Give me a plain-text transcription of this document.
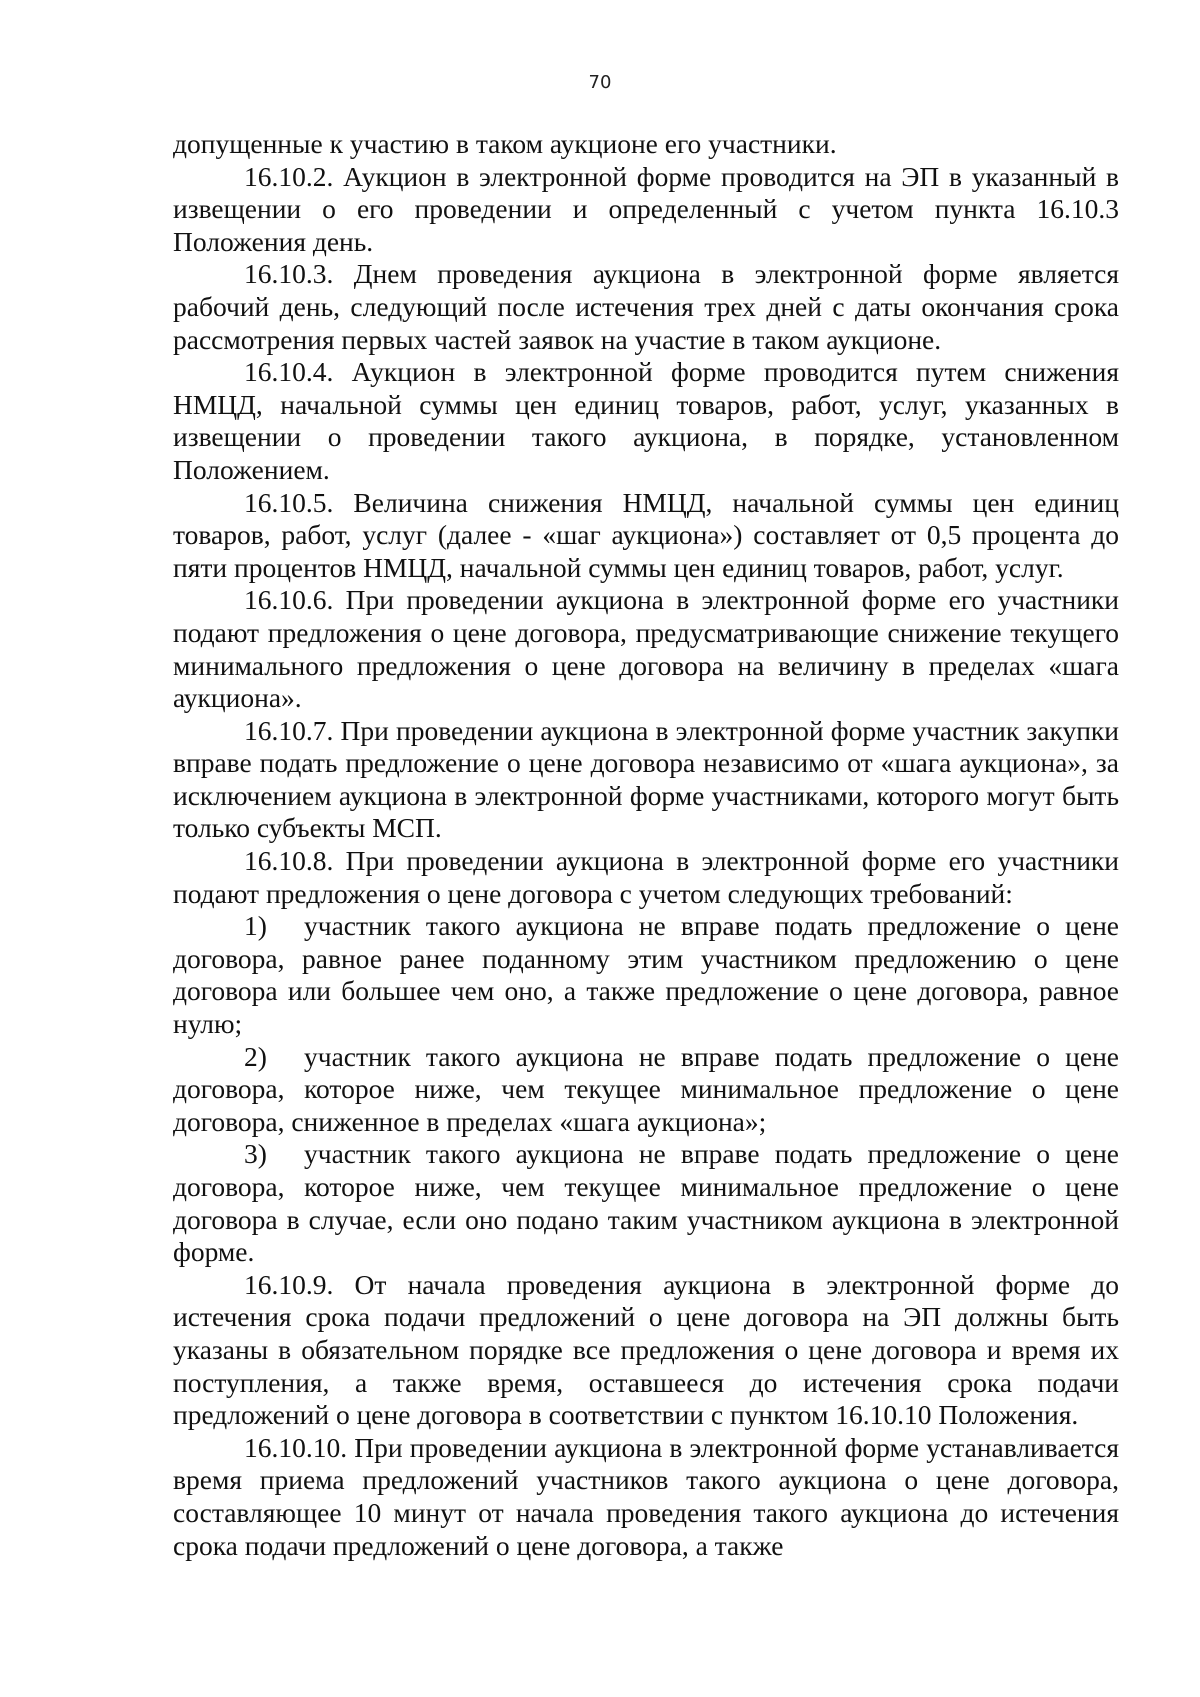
70

допущенные к участию в таком аукционе его участники.

16.10.2. Аукцион в электронной форме проводится на ЭП в указанный в извещении о его проведении и определенный с учетом пункта 16.10.3 Положения день.

16.10.3. Днем проведения аукциона в электронной форме является рабочий день, следующий после истечения трех дней с даты окончания срока рассмотрения первых частей заявок на участие в таком аукционе.

16.10.4. Аукцион в электронной форме проводится путем снижения НМЦД, начальной суммы цен единиц товаров, работ, услуг, указанных в извещении о проведении такого аукциона, в порядке, установленном Положением.

16.10.5. Величина снижения НМЦД, начальной суммы цен единиц товаров, работ, услуг (далее - «шаг аукциона») составляет от 0,5 процента до пяти процентов НМЦД, начальной суммы цен единиц товаров, работ, услуг.

16.10.6. При проведении аукциона в электронной форме его участники подают предложения о цене договора, предусматривающие снижение текущего минимального предложения о цене договора на величину в пределах «шага аукциона».

16.10.7. При проведении аукциона в электронной форме участник закупки вправе подать предложение о цене договора независимо от «шага аукциона», за исключением аукциона в электронной форме участниками, которого могут быть только субъекты МСП.

16.10.8. При проведении аукциона в электронной форме его участники подают предложения о цене договора с учетом следующих требований:

1) участник такого аукциона не вправе подать предложение о цене договора, равное ранее поданному этим участником предложению о цене договора или большее чем оно, а также предложение о цене договора, равное нулю;

2) участник такого аукциона не вправе подать предложение о цене договора, которое ниже, чем текущее минимальное предложение о цене договора, сниженное в пределах «шага аукциона»;

3) участник такого аукциона не вправе подать предложение о цене договора, которое ниже, чем текущее минимальное предложение о цене договора в случае, если оно подано таким участником аукциона в электронной форме.

16.10.9. От начала проведения аукциона в электронной форме до истечения срока подачи предложений о цене договора на ЭП должны быть указаны в обязательном порядке все предложения о цене договора и время их поступления, а также время, оставшееся до истечения срока подачи предложений о цене договора в соответствии с пунктом 16.10.10 Положения.

16.10.10. При проведении аукциона в электронной форме устанавливается время приема предложений участников такого аукциона о цене договора, составляющее 10 минут от начала проведения такого аукциона до истечения срока подачи предложений о цене договора, а также
